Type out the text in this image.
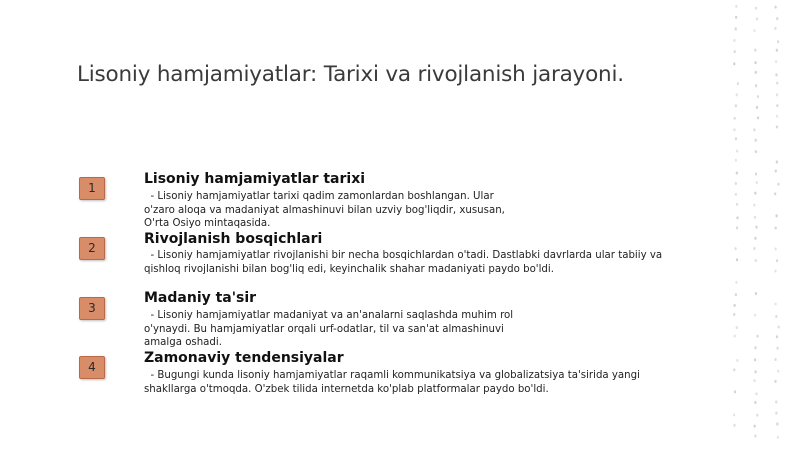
Lisoniy hamjamiyatlar: Tarixi va rivojlanish jarayoni.
1
Lisoniy hamjamiyatlar tarixi
- Lisoniy hamjamiyatlar tarixi qadim zamonlardan boshlangan. Ular
o'zaro aloqa va madaniyat almashinuvi bilan uzviy bog'liqdir, xususan,
O'rta Osiyo mintaqasida.
2
Rivojlanish bosqichlari
- Lisoniy hamjamiyatlar rivojlanishi bir necha bosqichlardan o'tadi. Dastlabki davrlarda ular tabiiy va
qishloq rivojlanishi bilan bog'liq edi, keyinchalik shahar madaniyati paydo bo'ldi.
3
Madaniy ta'sir
- Lisoniy hamjamiyatlar madaniyat va an'analarni saqlashda muhim rol
o'ynaydi. Bu hamjamiyatlar orqali urf-odatlar, til va san'at almashinuvi
amalga oshadi.
4
Zamonaviy tendensiyalar
- Bugungi kunda lisoniy hamjamiyatlar raqamli kommunikatsiya va globalizatsiya ta'sirida yangi
shakllarga o'tmoqda. O'zbek tilida internetda ko'plab platformalar paydo bo'ldi.
